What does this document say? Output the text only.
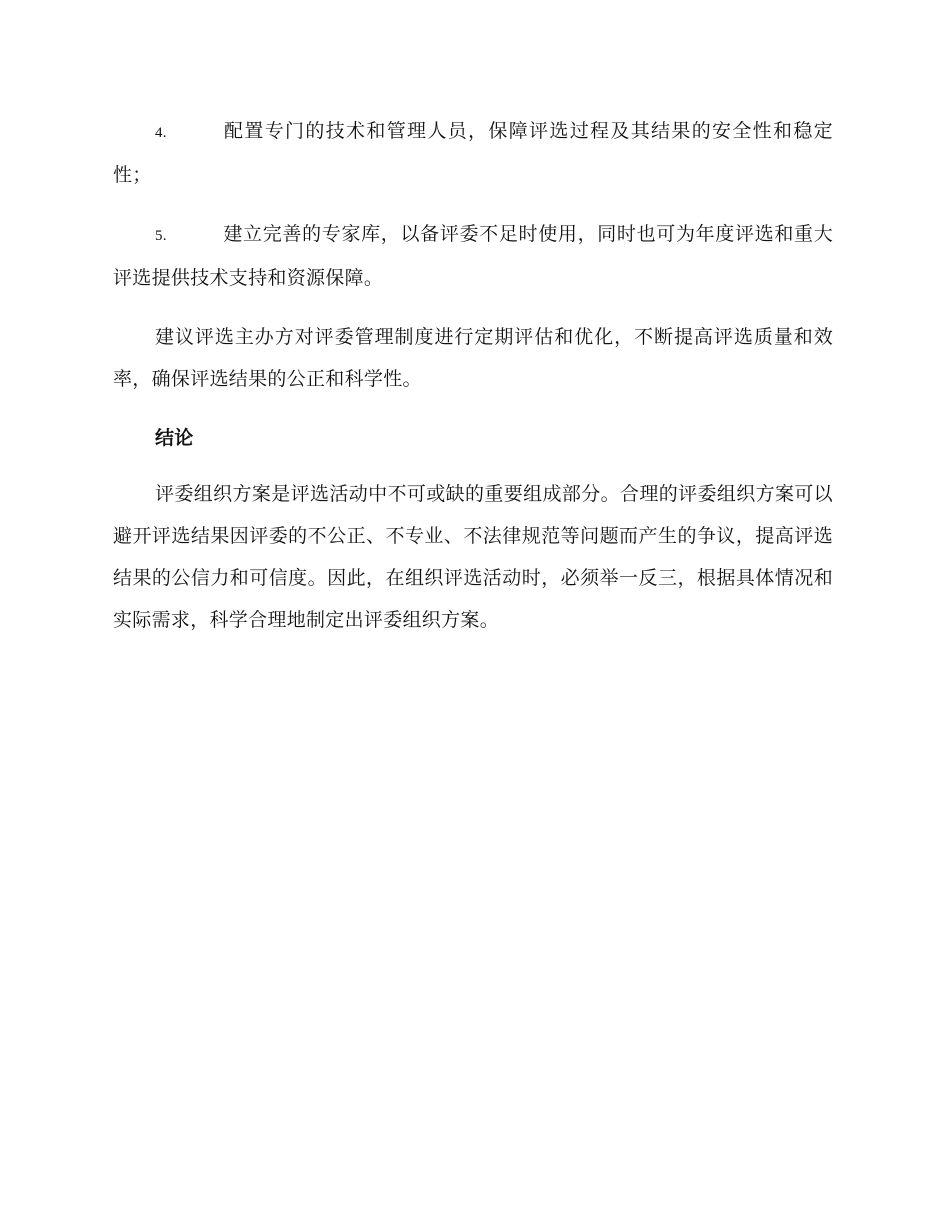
4.	配置专门的技术和管理人员，保障评选过程及其结果的安全性和稳定性；

5.	建立完善的专家库，以备评委不足时使用，同时也可为年度评选和重大评选提供技术支持和资源保障。

建议评选主办方对评委管理制度进行定期评估和优化，不断提高评选质量和效率，确保评选结果的公正和科学性。

结论

评委组织方案是评选活动中不可或缺的重要组成部分。合理的评委组织方案可以避开评选结果因评委的不公正、不专业、不法律规范等问题而产生的争议，提高评选结果的公信力和可信度。因此，在组织评选活动时，必须举一反三，根据具体情况和实际需求，科学合理地制定出评委组织方案。
